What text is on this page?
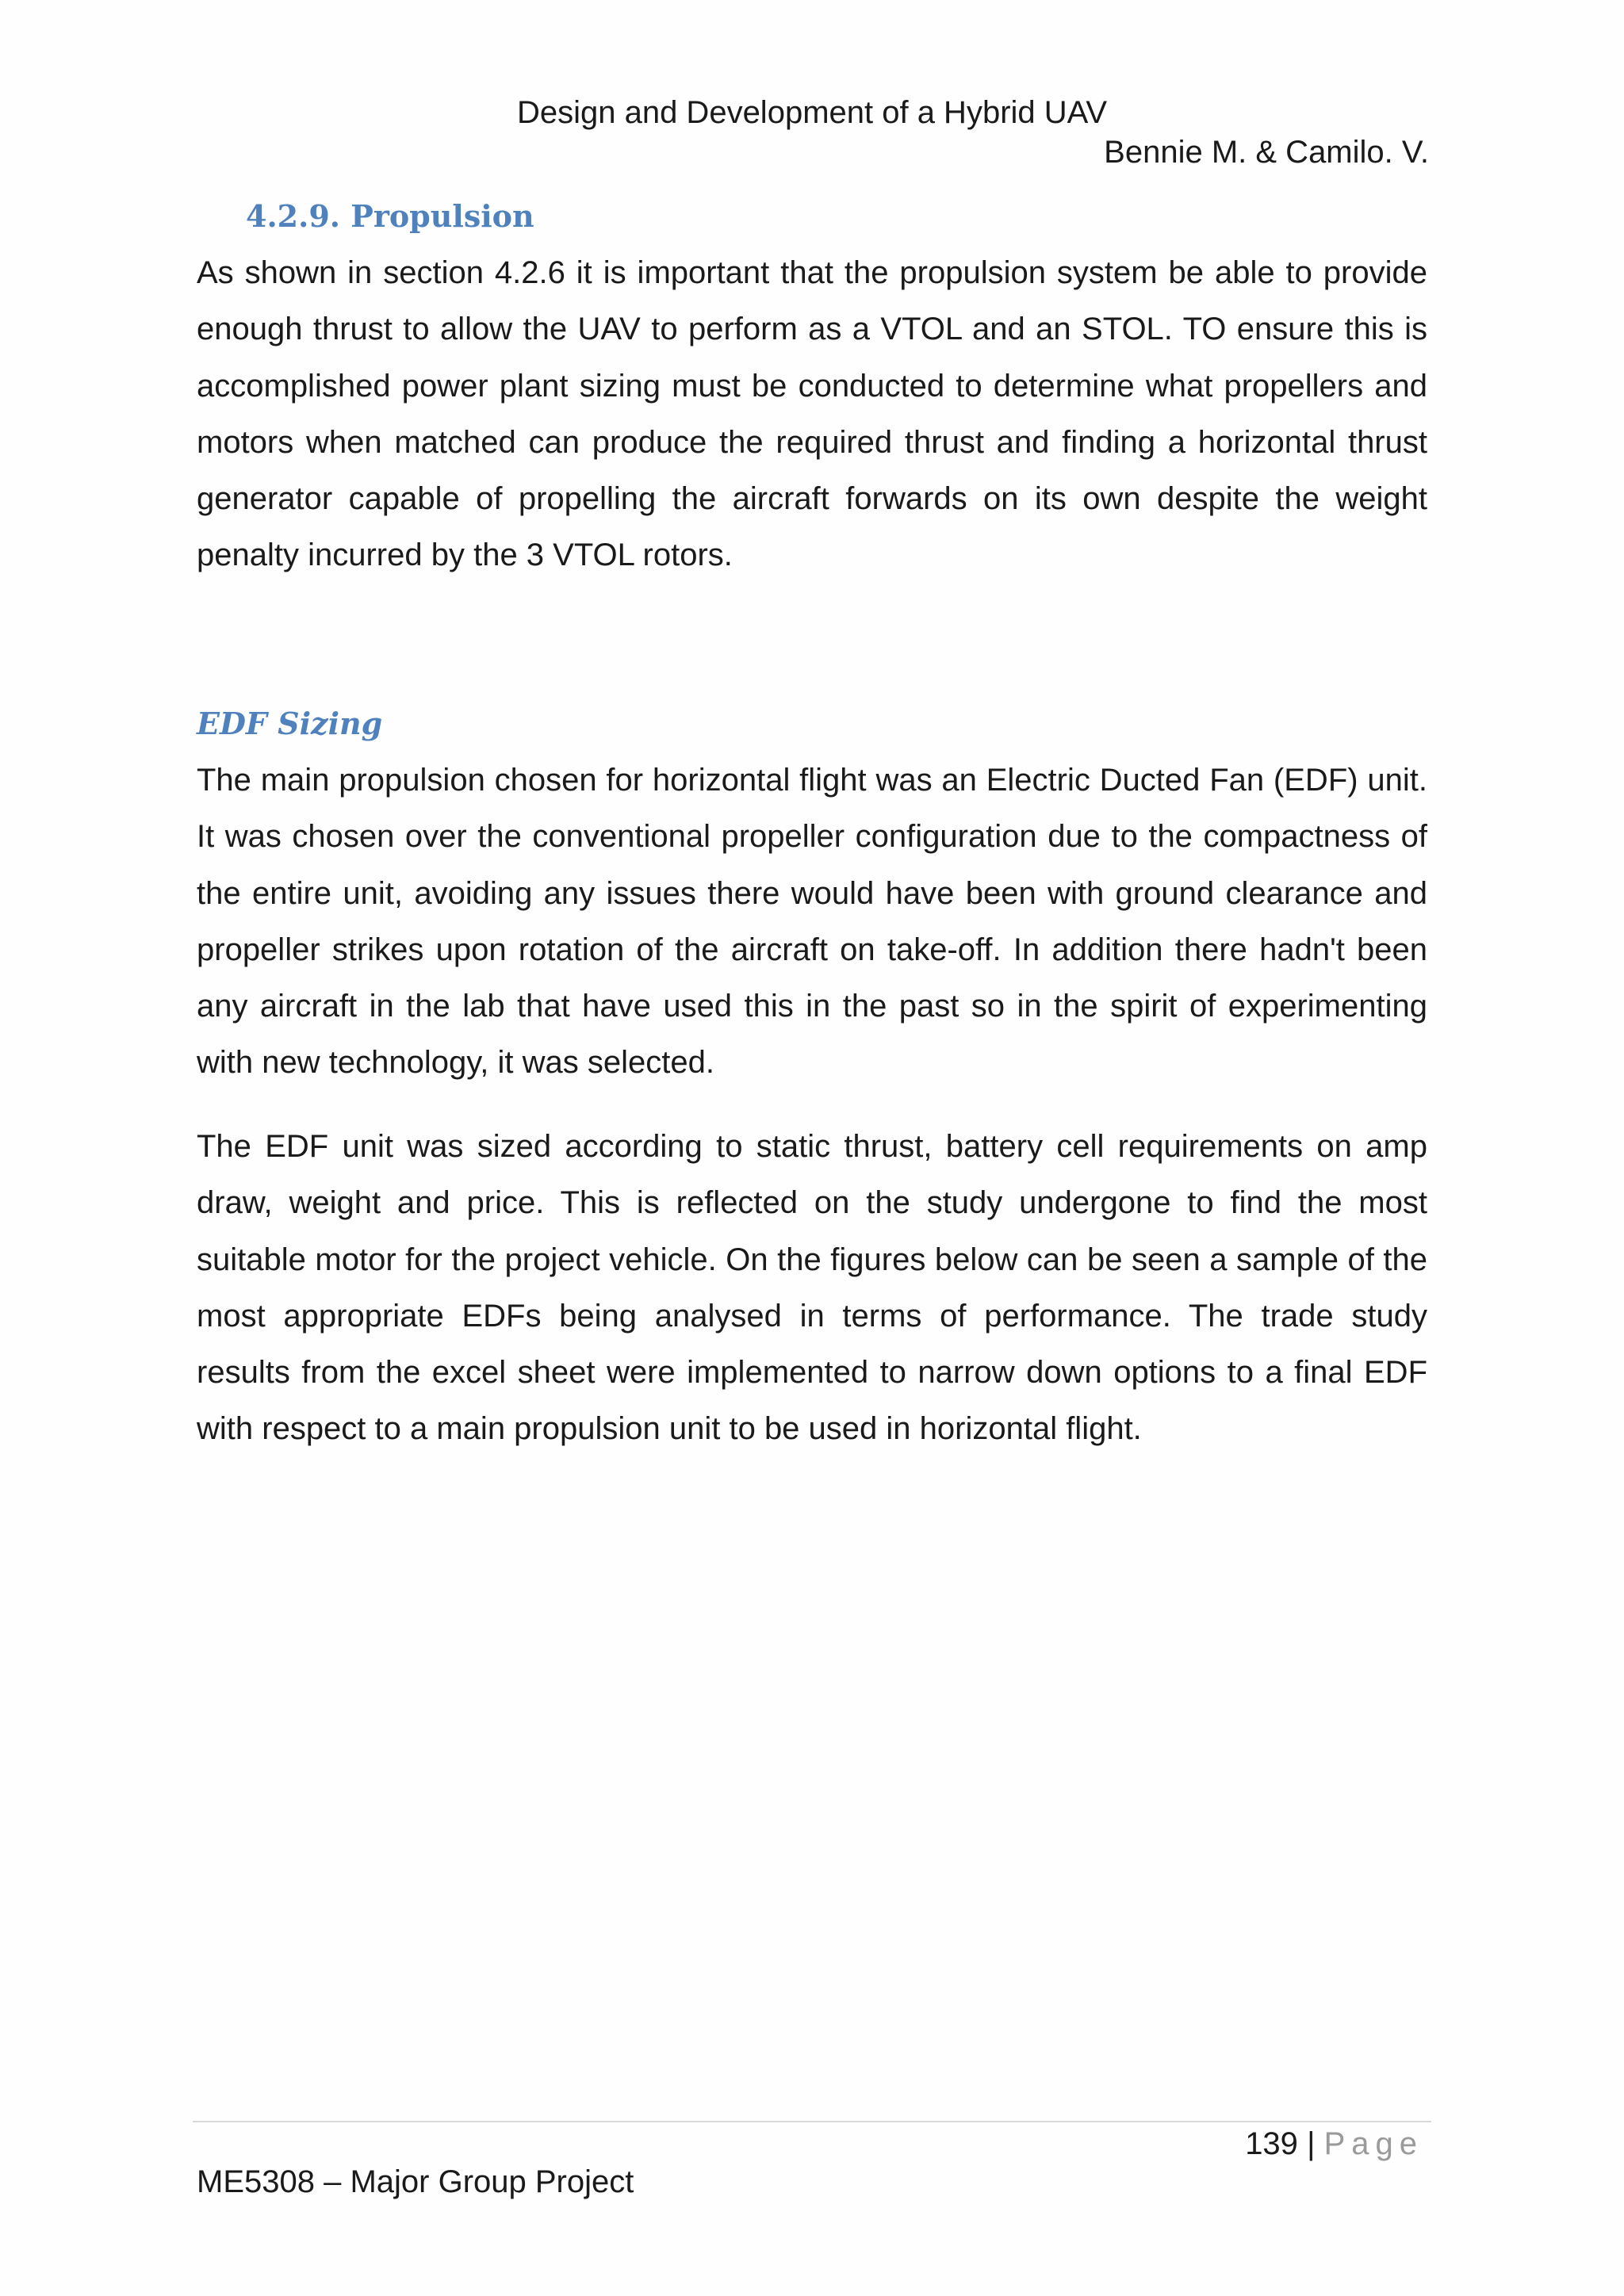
Design and Development of a Hybrid UAV
Bennie M. & Camilo. V.
4.2.9. Propulsion

As shown in section 4.2.6 it is important that the propulsion system be able to provide enough thrust to allow the UAV to perform as a VTOL and an STOL. TO ensure this is accomplished power plant sizing must be conducted to determine what propellers and motors when matched can produce the required thrust and finding a horizontal thrust generator capable of propelling the aircraft forwards on its own despite the weight penalty incurred by the 3 VTOL rotors.

EDF Sizing

The main propulsion chosen for horizontal flight was an Electric Ducted Fan (EDF) unit. It was chosen over the conventional propeller configuration due to the compactness of the entire unit, avoiding any issues there would have been with ground clearance and propeller strikes upon rotation of the aircraft on take-off. In addition there hadn't been any aircraft in the lab that have used this in the past so in the spirit of experimenting with new technology, it was selected.

The EDF unit was sized according to static thrust, battery cell requirements on amp draw, weight and price. This is reflected on the study undergone to find the most suitable motor for the project vehicle. On the figures below can be seen a sample of the most appropriate EDFs being analysed in terms of performance. The trade study results from the excel sheet were implemented to narrow down options to a final EDF with respect to a main propulsion unit to be used in horizontal flight.

139 | Page
ME5308 – Major Group Project
